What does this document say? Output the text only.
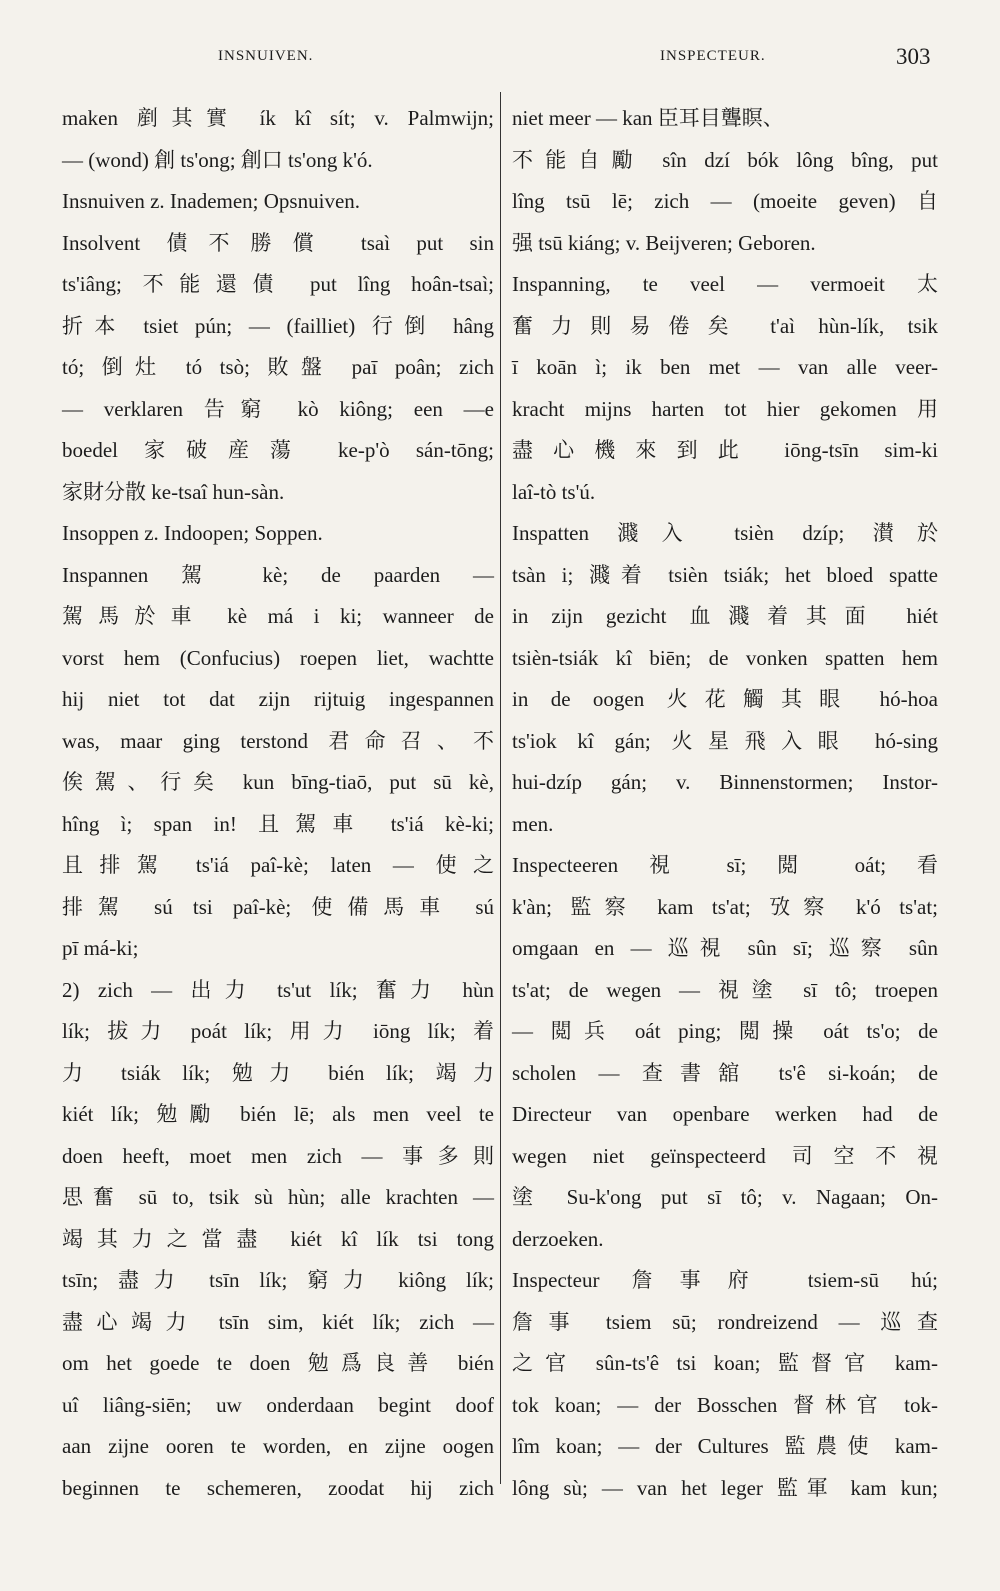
INSNUIVEN.	INSPECTEUR.	303
maken 剷其實 ík kî sít; v. Palmwijn;
— (wond) 創 ts'ong; 創口 ts'ong k'ó.
Insnuiven z. Inademen; Opsnuiven.
Insolvent 債不勝償 tsaì put sin
ts'iâng; 不能還債 put lîng hoân-tsaì;
折本 tsiet pún; — (failliet) 行倒 hâng
tó; 倒灶 tó tsò; 敗盤 paī poân; zich
— verklaren 告窮 kò kiông; een —e
boedel 家破産蕩 ke-p'ò sán-tōng;
家財分散 ke-tsaî hun-sàn.
Insoppen z. Indoopen; Soppen.
Inspannen 駕 kè; de paarden —
駕馬於車 kè má i ki; wanneer de
vorst hem (Confucius) roepen liet, wachtte
hij niet tot dat zijn rijtuig ingespannen
was, maar ging terstond 君命召、不
俟駕、行矣 kun bīng-tiaō, put sū kè,
hîng ì; span in! 且駕車 ts'iá kè-ki;
且排駕 ts'iá paî-kè; laten — 使之
排駕 sú tsi paî-kè; 使備馬車 sú
pī má-ki;
2) zich — 出力 ts'ut lík; 奮力 hùn
lík; 拔力 poát lík; 用力 iōng lík; 着
力 tsiák lík; 勉力 bién lík; 竭力
kiét lík; 勉勵 bién lē; als men veel te
doen heeft, moet men zich — 事多則
思奮 sū to, tsik sù hùn; alle krachten —
竭其力之當盡 kiét kî lík tsi tong
tsīn; 盡力 tsīn lík; 窮力 kiông lík;
盡心竭力 tsīn sim, kiét lík; zich —
om het goede te doen 勉爲良善 bién
uî liâng-siēn; uw onderdaan begint doof
aan zijne ooren te worden, en zijne oogen
beginnen te schemeren, zoodat hij zich
niet meer — kan 臣耳目聾瞑、
不能自勵 sîn dzí bók lông bîng, put
lîng tsū lē; zich — (moeite geven) 自
强 tsū kiáng; v. Beijveren; Geboren.
Inspanning, te veel — vermoeit 太
奮力則易倦矣 t'aì hùn-lík, tsik
ī koān ì; ik ben met — van alle veer-
kracht mijns harten tot hier gekomen 用
盡心機來到此 iōng-tsīn sim-ki
laî-tò ts'ú.
Inspatten 濺入 tsièn dzíp; 濽於
tsàn i; 濺着 tsièn tsiák; het bloed spatte
in zijn gezicht 血濺着其面 hiét
tsièn-tsiák kî biēn; de vonken spatten hem
in de oogen 火花觸其眼 hó-hoa
ts'iok kî gán; 火星飛入眼 hó-sing
hui-dzíp gán; v. Binnenstormen; Instor-
men.
Inspecteeren 視 sī; 閲 oát; 看
k'àn; 監察 kam ts'at; 攷察 k'ó ts'at;
omgaan en — 巡視 sûn sī; 巡察 sûn
ts'at; de wegen — 視塗 sī tô; troepen
— 閲兵 oát ping; 閲操 oát ts'o; de
scholen — 查書舘 ts'ê si-koán; de
Directeur van openbare werken had de
wegen niet geïnspecteerd 司空不視
塗 Su-k'ong put sī tô; v. Nagaan; On-
derzoeken.
Inspecteur 詹事府 tsiem-sū hú;
詹事 tsiem sū; rondreizend — 巡查
之官 sûn-ts'ê tsi koan; 監督官 kam-
tok koan; — der Bosschen 督林官 tok-
lîm koan; — der Cultures 監農使 kam-
lông sù; — van het leger 監軍 kam kun;
